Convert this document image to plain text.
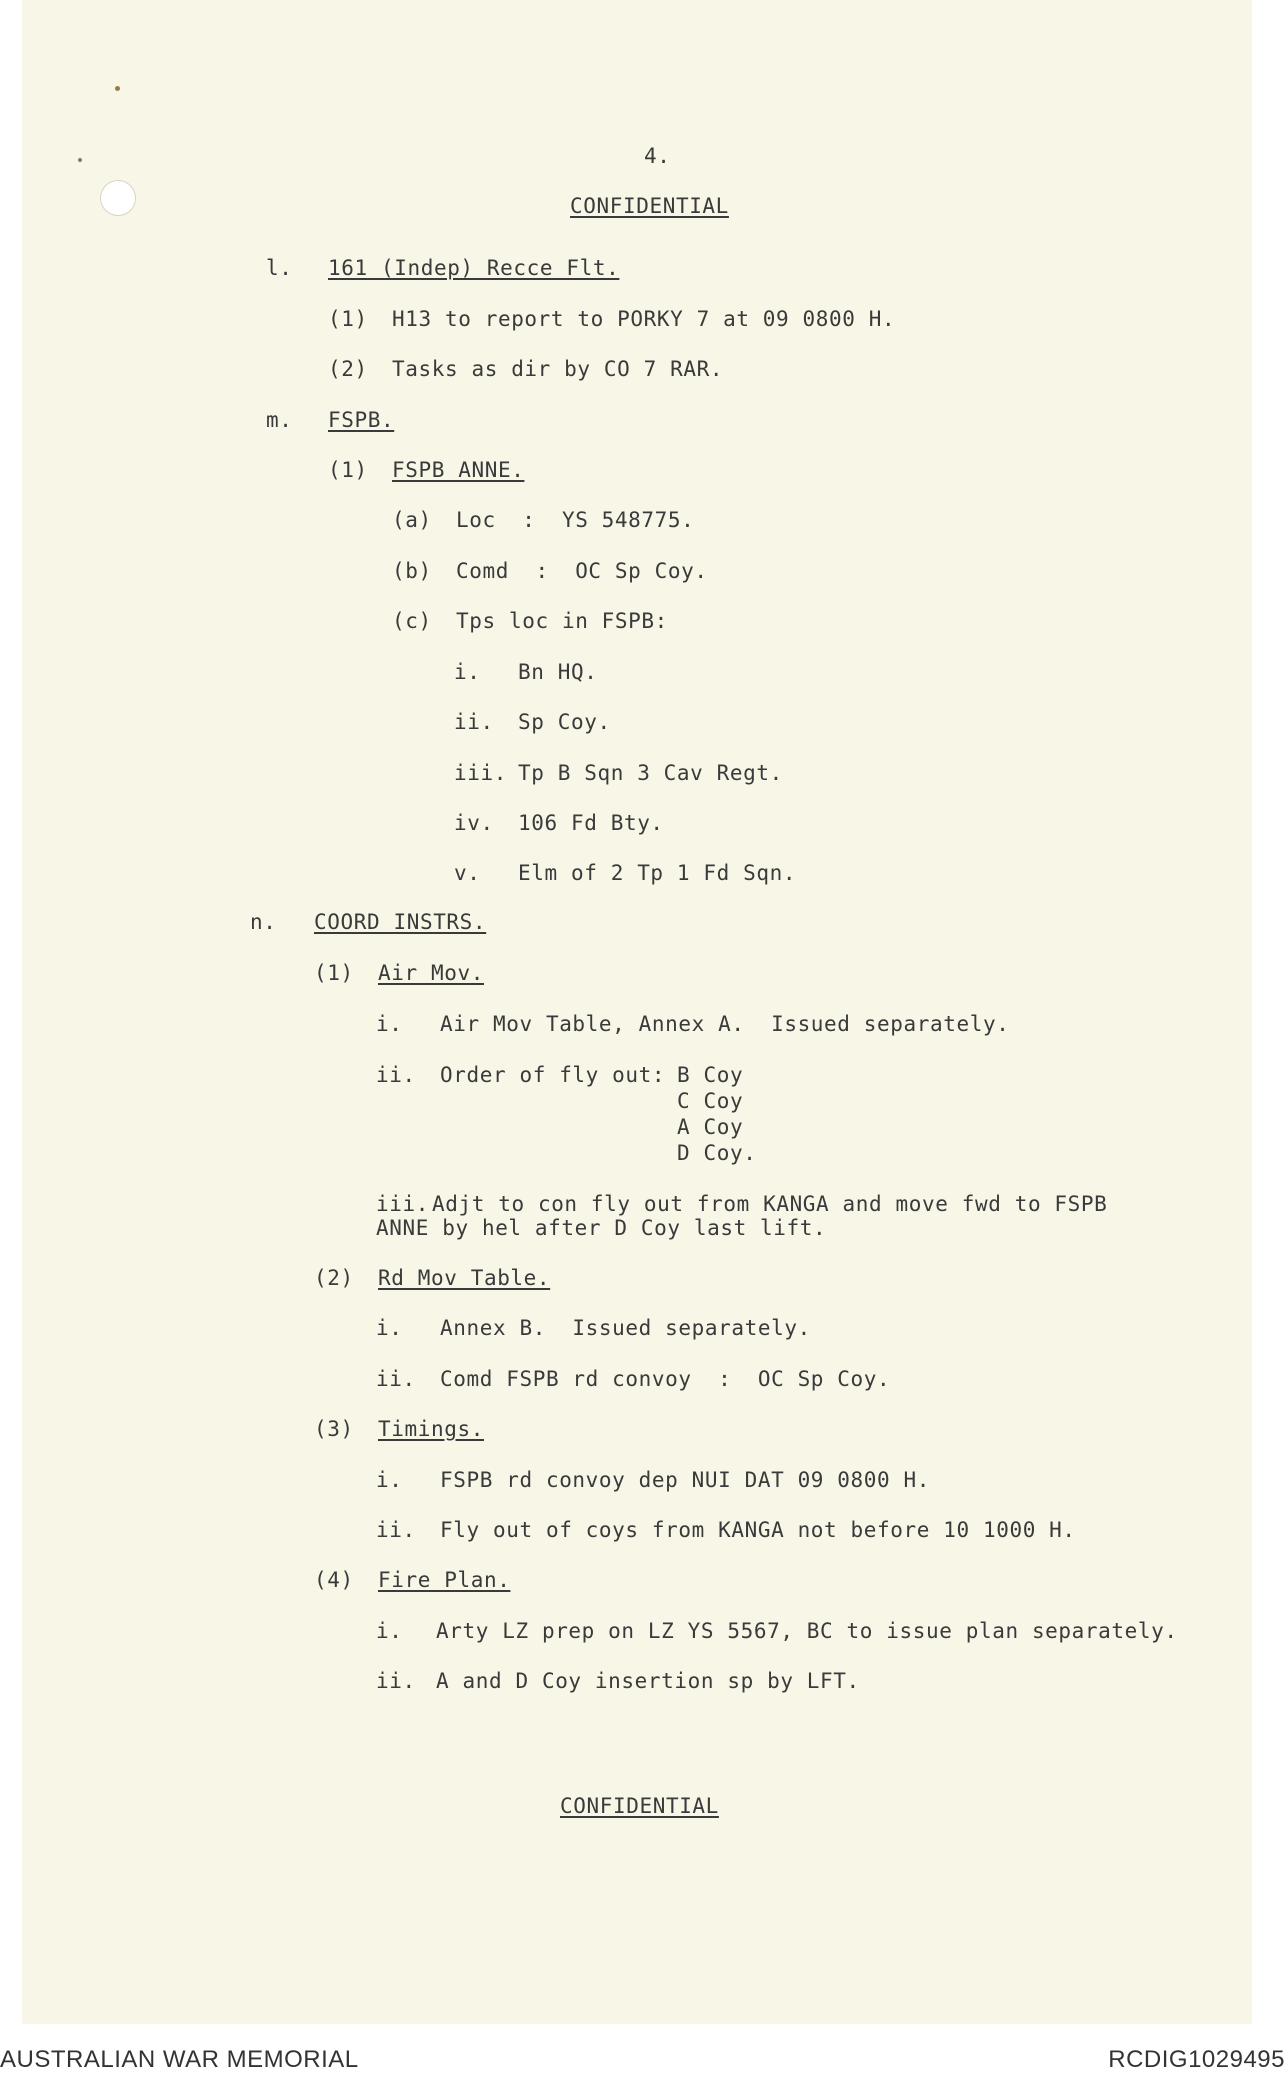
4.
CONFIDENTIAL
l. 161 (Indep) Recce Flt.
(1) H13 to report to PORKY 7 at 09 0800 H.
(2) Tasks as dir by CO 7 RAR.
m. FSPB.
(1) FSPB ANNE.
(a) Loc  :  YS 548775.
(b) Comd  :  OC Sp Coy.
(c) Tps loc in FSPB:
i. Bn HQ.
ii. Sp Coy.
iii. Tp B Sqn 3 Cav Regt.
iv. 106 Fd Bty.
v. Elm of 2 Tp 1 Fd Sqn.
n. COORD INSTRS.
(1) Air Mov.
i. Air Mov Table, Annex A.  Issued separately.
ii. Order of fly out: B Coy
C Coy
A Coy
D Coy.
iii. Adjt to con fly out from KANGA and move fwd to FSPB
ANNE by hel after D Coy last lift.
(2) Rd Mov Table.
i. Annex B.  Issued separately.
ii. Comd FSPB rd convoy  :  OC Sp Coy.
(3) Timings.
i. FSPB rd convoy dep NUI DAT 09 0800 H.
ii. Fly out of coys from KANGA not before 10 1000 H.
(4) Fire Plan.
i. Arty LZ prep on LZ YS 5567, BC to issue plan separately.
ii. A and D Coy insertion sp by LFT.
CONFIDENTIAL
AUSTRALIAN WAR MEMORIAL	RCDIG1029495
